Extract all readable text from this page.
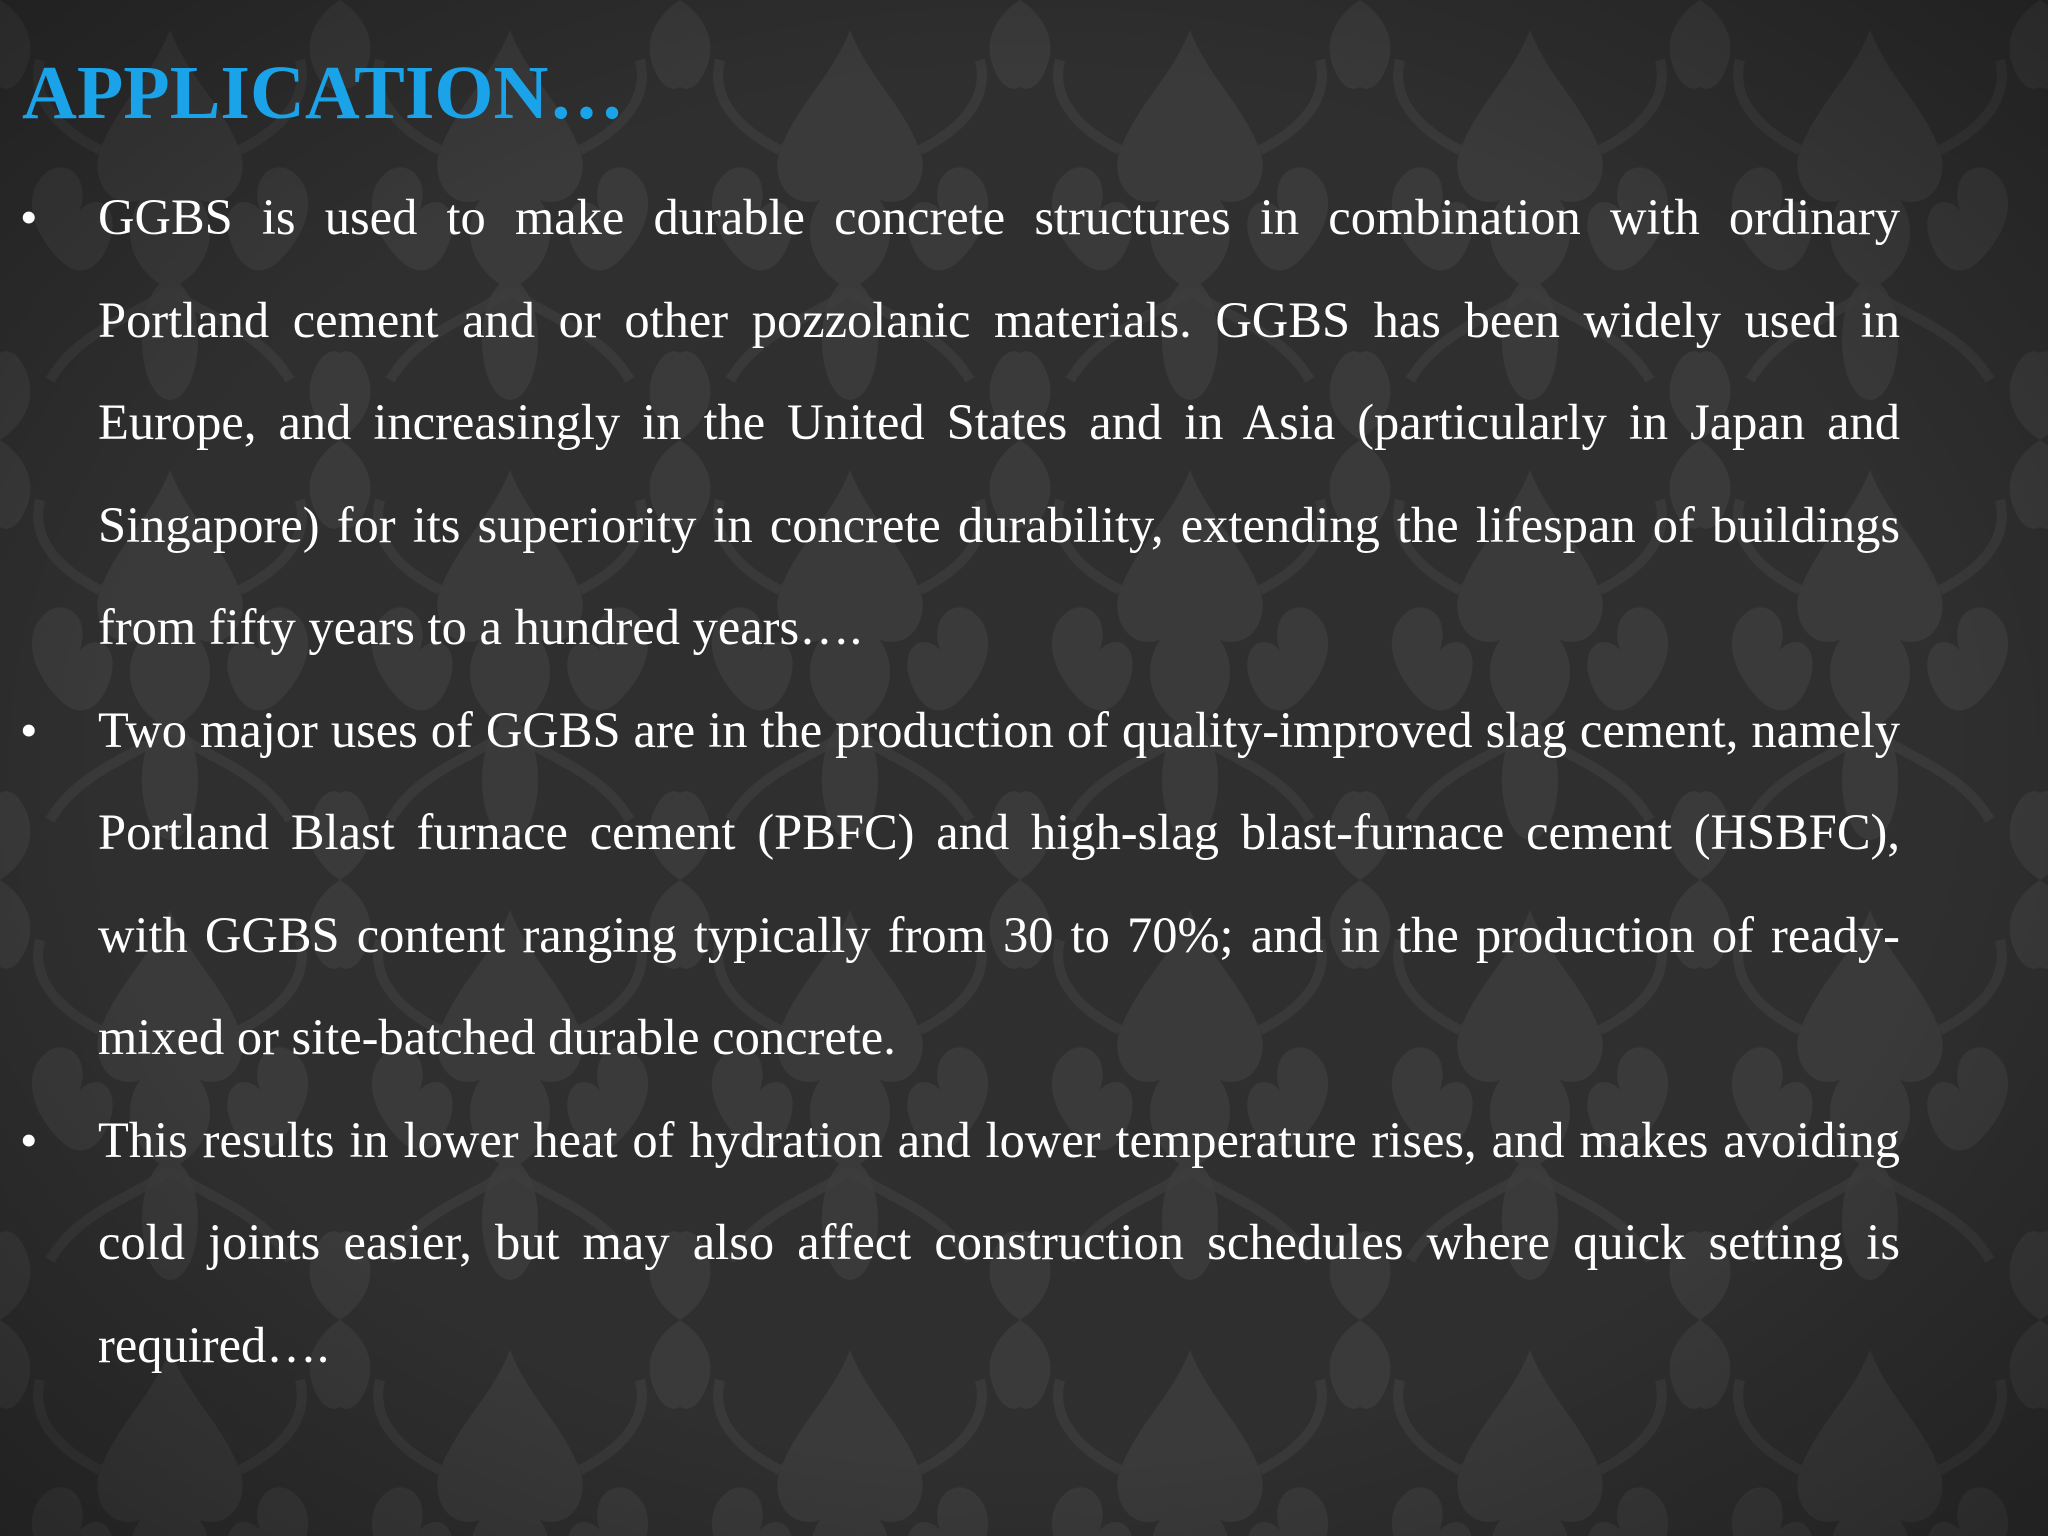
APPLICATION…
• GGBS is used to make durable concrete structures in combination with ordinary Portland cement and or other pozzolanic materials. GGBS has been widely used in Europe, and increasingly in the United States and in Asia (particularly in Japan and Singapore) for its superiority in concrete durability, extending the lifespan of buildings from fifty years to a hundred years….
• Two major uses of GGBS are in the production of quality-improved slag cement, namely Portland Blast furnace cement (PBFC) and high-slag blast-furnace cement (HSBFC), with GGBS content ranging typically from 30 to 70%; and in the production of ready-mixed or site-batched durable concrete.
• This results in lower heat of hydration and lower temperature rises, and makes avoiding cold joints easier, but may also affect construction schedules where quick setting is required….
